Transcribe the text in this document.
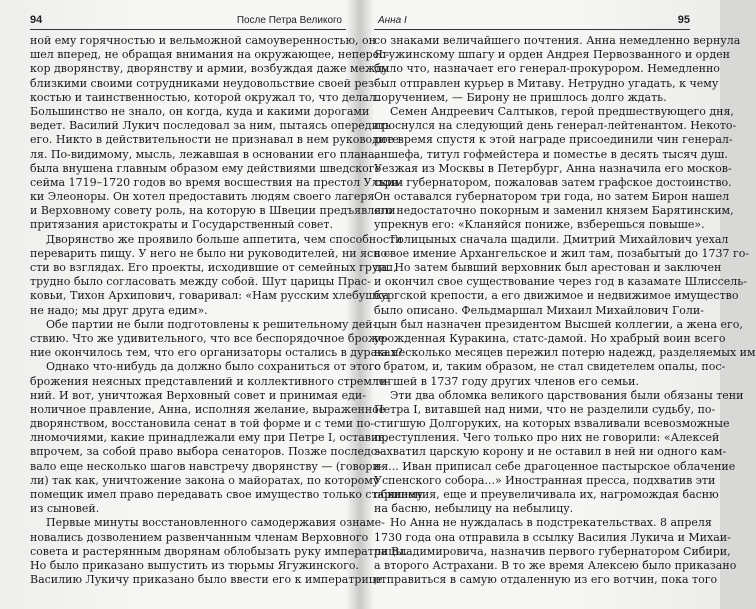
94	После Петра Великого
ной ему горячностью и вельможной самоуверенностью, он
шел вперед, не обращая внимания на окружающее, неперес-
кор дворянству, дворянству и армии, возбуждая даже между
близкими своими сотрудниками неудовольствие своей рез-
костью и таинственностью, которой окружал то, что делал.
Большинство не знало, он когда, куда и какими дорогами
ведет. Василий Лукич последовал за ним, пытаясь опередить
его. Никто в действительности не признавал в нем руководите-
ля. По-видимому, мысль, лежавшая в основании его плана,
была внушена главным образом ему действиями шведского
сейма 1719–1720 годов во время восшествия на престол Ульри-
ки Элеоноры. Он хотел предоставить людям своего лагеря
и Верховному совету роль, на которую в Швеции предъявляли
притязания аристократы и Государственный совет.
Дворянство же проявило больше аппетита, чем способности
переварить пищу. У него не было ни руководителей, ни ясно-
сти во взглядах. Его проекты, исходившие от семейных групп,
трудно было согласовать между собой. Шут царицы Прас-
ковьи, Тихон Архипович, говаривал: «Нам русским хлебушка
не надо; мы друг друга едим».
Обе партии не были подготовлены к решительному дей-
ствию. Что же удивительного, что все беспорядочное броже-
ние окончилось тем, что его организаторы остались в дураках?
Однако что-нибудь да должно было сохраниться от этого
брожения неясных представлений и коллективного стремле-
ний. И вот, уничтожая Верховный совет и принимая еди-
ноличное правление, Анна, исполняя желание, выраженное
дворянством, восстановила сенат в той форме и с теми по-
лномочиями, какие принадлежали ему при Петре I, оставив,
впрочем, за собой право выбора сенаторов. Позже последо-
вало еще несколько шагов навстречу дворянству — (говори-
ли) так как, уничтожение закона о майоратах, по которому
помещик имел право передавать свое имущество только старшему
из сыновей.
Первые минуты восстановленного самодержавия ознаме-
новались дозволением развенчанным членам Верховного
совета и растерянным дворянам облобызать руку императрицы.
Но было приказано выпустить из тюрьмы Ягужинского.
Василию Лукичу приказано было ввести его к императрице
Анна I	95
со знаками величайшего почтения. Анна немедленно вернула
Ягужинскому шпагу и орден Андрея Первозванного и орден
было что, назначает его генерал-прокурором. Немедленно
был отправлен курьер в Митаву. Нетрудно угадать, к чему
поручением, — Бирону не пришлось долго ждать.
Семен Андреевич Салтыков, герой предшествующего дня,
проснулся на следующий день генерал-лейтенантом. Некото-
рое время спустя к этой награде присоединили чин генерал-
аншефа, титул гофмейстера и поместье в десять тысяч душ.
Уезжая из Москвы в Петербург, Анна назначила его москов-
ским губернатором, пожаловав затем графское достоинство.
Он оставался губернатором три года, но затем Бирон нашел
его недостаточно покорным и заменил князем Барятинским,
упрекнув его: «Кланяйся пониже, взберешься повыше».
Голицыных сначала щадили. Дмитрий Михайлович уехал
в свое имение Архангельское и жил там, позабытый до 1737 го-
да. Но затем бывший верховник был арестован и заключен
и окончил свое существование через год в казамате Шлиссель-
бургской крепости, а его движимое и недвижимое имущество
было описано. Фельдмаршал Михаил Михайлович Голи-
цын был назначен президентом Высшей коллегии, а жена его,
урожденная Куракина, статс-дамой. Но храбрый воин всего
на несколько месяцев пережил потерю надежд, разделяемых им
с братом, и, таким образом, не стал свидетелем опалы, пос-
тигшей в 1737 году других членов его семьи.
Эти два обломка великого царствования были обязаны тени
Петра I, витавшей над ними, что не разделили судьбу, по-
стигшую Долгоруких, на которых взваливали всевозможные
преступления. Чего только про них не говорили: «Алексей
захватил царскую корону и не оставил в ней ни одного кам-
ня... Иван приписал себе драгоценное пастырское облачение
Успенского собора...» Иностранная пресса, подхватив эти
обвинения, еще и преувеличивала их, нагромождая басню
на басню, небылицу на небылицу.
Но Анна не нуждалась в подстрекательствах. 8 апреля
1730 года она отправила в ссылку Василия Лукича и Михаи-
ла Владимировича, назначив первого губернатором Сибири,
а второго Астрахани. В то же время Алексею было приказано
отправиться в самую отдаленную из его вотчин, пока того
